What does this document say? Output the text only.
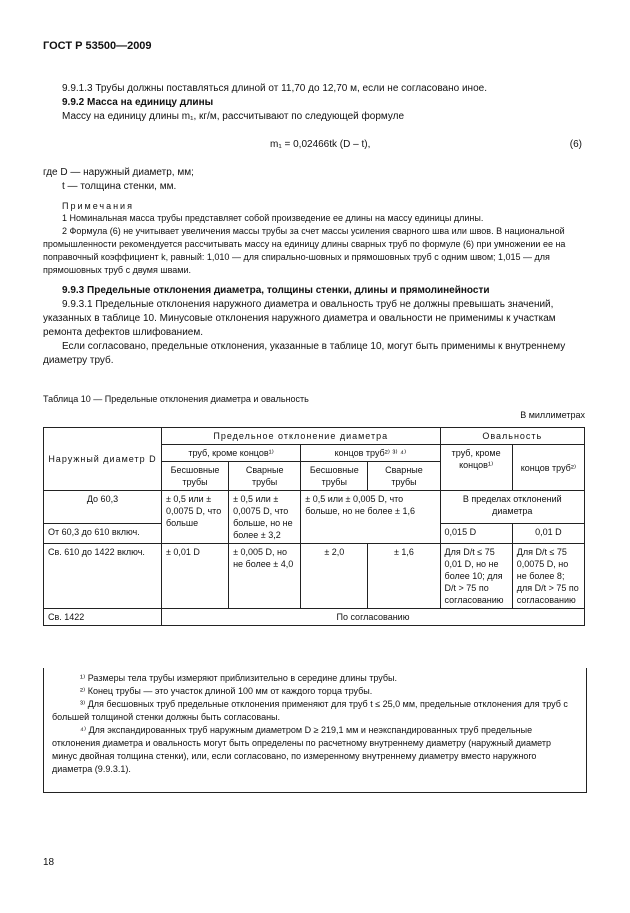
ГОСТ Р 53500—2009
9.9.1.3 Трубы должны поставляться длиной от 11,70 до 12,70 м, если не согласовано иное.
9.9.2 Масса на единицу длины
Массу на единицу длины m₁, кг/м, рассчитывают по следующей формуле
m₁ = 0,02466tk (D – t),	(6)
где D — наружный диаметр, мм;
t — толщина стенки, мм.
Примечания
1 Номинальная масса трубы представляет собой произведение ее длины на массу единицы длины.
2 Формула (6) не учитывает увеличения массы трубы за счет массы усиления сварного шва или швов. В национальной промышленности рекомендуется рассчитывать массу на единицу длины сварных труб по формуле (6) при умножении ее на поправочный коэффициент k, равный: 1,010 — для спирально-шовных и прямошовных труб с одним швом; 1,015 — для прямошовных труб с двумя швами.
9.9.3 Предельные отклонения диаметра, толщины стенки, длины и прямолинейности
9.9.3.1 Предельные отклонения наружного диаметра и овальность труб не должны превышать значений, указанных в таблице 10. Минусовые отклонения наружного диаметра и овальности не применимы к участкам ремонта дефектов шлифованием.
Если согласовано, предельные отклонения, указанные в таблице 10, могут быть применимы к внутреннему диаметру труб.
Таблица 10 — Предельные отклонения диаметра и овальность
В миллиметрах
Наружный диаметр D	Предельное отклонение диаметра				Овальность	
	труб, кроме концов¹⁾		концов труб²⁾ ³⁾ ⁴⁾		труб, кроме концов¹⁾	концов труб²⁾
	Бесшовные трубы	Сварные трубы	Бесшовные трубы	Сварные трубы		
До 60,3	± 0,5 или ± 0,0075 D, что больше	± 0,5 или ± 0,0075 D, что больше, но не более ± 3,2	± 0,5 или ± 0,005 D, что больше, но не более ± 1,6		В пределах отклонений диаметра	
От 60,3 до 610 включ.					0,015 D	0,01 D
Св. 610 до 1422 включ.	± 0,01 D	± 0,005 D, но не более ± 4,0	± 2,0	± 1,6	Для D/t ≤ 75 0,01 D, но не более 10; для D/t > 75 по согласованию	Для D/t ≤ 75 0,0075 D, но не более 8; для D/t > 75 по согласованию
Св. 1422	По согласованию					
¹⁾ Размеры тела трубы измеряют приблизительно в середине длины трубы.
²⁾ Конец трубы — это участок длиной 100 мм от каждого торца трубы.
³⁾ Для бесшовных труб предельные отклонения применяют для труб t ≤ 25,0 мм, предельные отклонения для труб с большей толщиной стенки должны быть согласованы.
⁴⁾ Для экспандированных труб наружным диаметром D ≥ 219,1 мм и неэкспандированных труб предельные отклонения диаметра и овальность могут быть определены по расчетному внутреннему диаметру (наружный диаметр минус двойная толщина стенки), или, если согласовано, по измеренному внутреннему диаметру вместо наружного диаметра (9.9.3.1).
18
